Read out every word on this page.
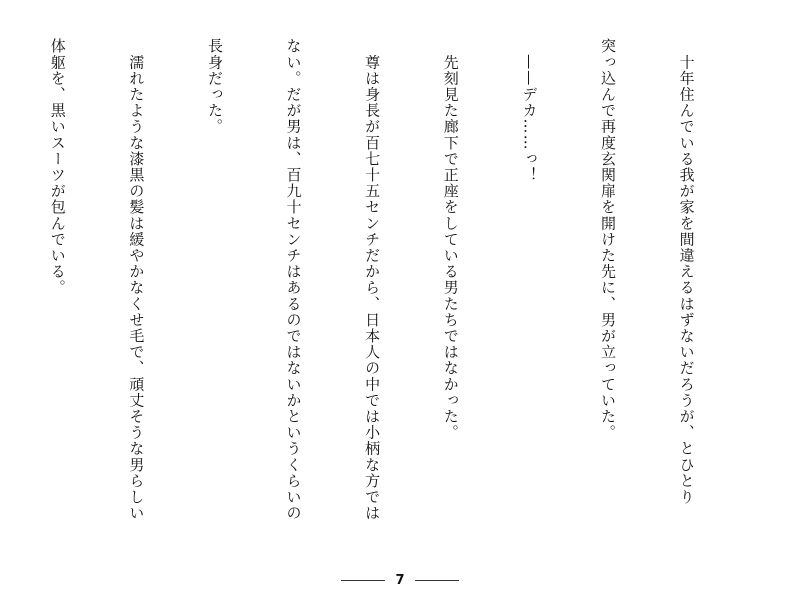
　十年住んでいる我が家を間違えるはずないだろうが、とひとり

突っ込んで再度玄関扉を開けた先に、男が立っていた。

　——デカ……っ！

　先刻見た廊下で正座をしている男たちではなかった。

　尊は身長が百七十五センチだから、日本人の中では小柄な方では

ない。だが男は、百九十センチはあるのではないかというくらいの

長身だった。

　濡れたような漆黒の髪は緩やかなくせ毛で、頑丈そうな男らしい

体躯を、黒いスーツが包んでいる。

7
